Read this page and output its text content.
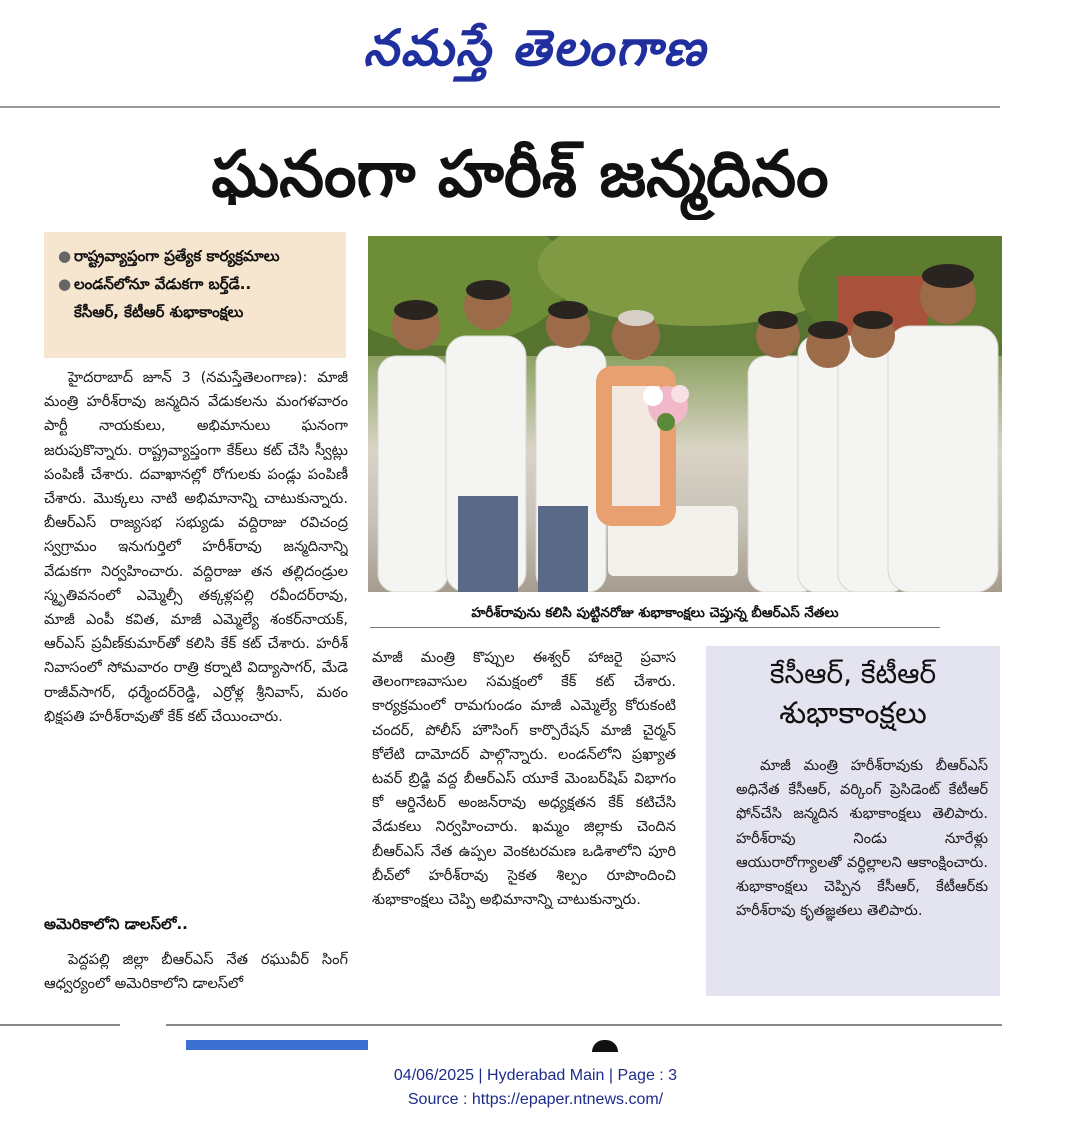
నమస్తే తెలంగాణ
ఘనంగా హరీశ్ జన్మదినం
● రాష్ట్రవ్యాప్తంగా ప్రత్యేక కార్యక్రమాలు
● లండన్‌లోనూ వేడుకగా బర్త్‌డే..
కేసీఆర్, కేటీఆర్ శుభాకాంక్షలు
హరీశ్‌రావును కలిసి పుట్టినరోజు శుభాకాంక్షలు చెప్తున్న బీఆర్‌ఎస్ నేతలు

హైదరాబాద్ జూన్ 3 (నమస్తేతెలంగాణ): మాజీ మంత్రి హరీశ్‌రావు జన్మదిన వేడుకలను మంగళవారం పార్టీ నాయకులు, అభిమానులు ఘనంగా జరుపుకొన్నారు. రాష్ట్రవ్యాప్తంగా కేక్‌లు కట్ చేసి స్వీట్లు పంపిణీ చేశారు. దవాఖానల్లో రోగులకు పండ్లు పంపిణీ చేశారు. మొక్కలు నాటి అభిమానాన్ని చాటుకున్నారు. బీఆర్‌ఎస్ రాజ్యసభ సభ్యుడు వద్దిరాజు రవిచంద్ర స్వగ్రామం ఇనుగుర్తిలో హరీశ్‌రావు జన్మదినాన్ని వేడుకగా నిర్వహించారు. వద్దిరాజు తన తల్లిదండ్రుల స్మృతివనంలో ఎమ్మెల్సీ తక్కళ్లపల్లి రవీందర్‌రావు, మాజీ ఎంపీ కవిత, మాజీ ఎమ్మెల్యే శంకర్‌నాయక్, ఆర్‌ఎస్ ప్రవీణ్‌కుమార్‌తో కలిసి కేక్ కట్ చేశారు. హరీశ్ నివాసంలో సోమవారం రాత్రి కర్నాటి విద్యాసాగర్, మేడె రాజీవ్‌సాగర్, ధర్మేందర్‌రెడ్డి, ఎర్రోళ్ల శ్రీనివాస్, మఠం భిక్షపతి హరీశ్‌రావుతో కేక్ కట్ చేయించారు.

అమెరికాలోని డాలస్‌లో..

పెద్దపల్లి జిల్లా బీఆర్‌ఎస్ నేత రఘువీర్ సింగ్ ఆధ్వర్యంలో అమెరికాలోని డాలస్‌లో

మాజీ మంత్రి కొప్పుల ఈశ్వర్ హాజరై ప్రవాస తెలంగాణవాసుల సమక్షంలో కేక్ కట్ చేశారు. కార్యక్రమంలో రామగుండం మాజీ ఎమ్మెల్యే కోరుకంటి చందర్, పోలీస్ హౌసింగ్ కార్పొరేషన్ మాజీ చైర్మన్ కోలేటి దామోదర్ పాల్గొన్నారు. లండన్‌లోని ప్రఖ్యాత టవర్ బ్రిడ్జి వద్ద బీఆర్‌ఎస్ యూకే మెంబర్‌షిప్ విభాగం కో ఆర్డినేటర్ అంజన్‌రావు అధ్యక్షతన కేక్ కటిచేసి వేడుకలు నిర్వహించారు. ఖమ్మం జిల్లాకు చెందిన బీఆర్‌ఎస్ నేత ఉప్పల వెంకటరమణ ఒడిశాలోని పూరి బీచ్‌లో హరీశ్‌రావు సైకత శిల్పం రూపొందించి శుభాకాంక్షలు చెప్పి అభిమానాన్ని చాటుకున్నారు.

కేసీఆర్, కేటీఆర్
శుభాకాంక్షలు

మాజీ మంత్రి హరీశ్‌రావుకు బీఆర్‌ఎస్ అధినేత కేసీఆర్, వర్కింగ్ ప్రెసిడెంట్ కేటీఆర్ ఫోన్‌చేసి జన్మదిన శుభాకాంక్షలు తెలిపారు. హరీశ్‌రావు నిండు నూరేళ్లు ఆయురారోగ్యాలతో వర్ధిల్లాలని ఆకాంక్షించారు. శుభాకాంక్షలు చెప్పిన కేసీఆర్, కేటీఆర్‌కు హరీశ్‌రావు కృతజ్ఞతలు తెలిపారు.

04/06/2025 | Hyderabad Main | Page : 3
Source : https://epaper.ntnews.com/
